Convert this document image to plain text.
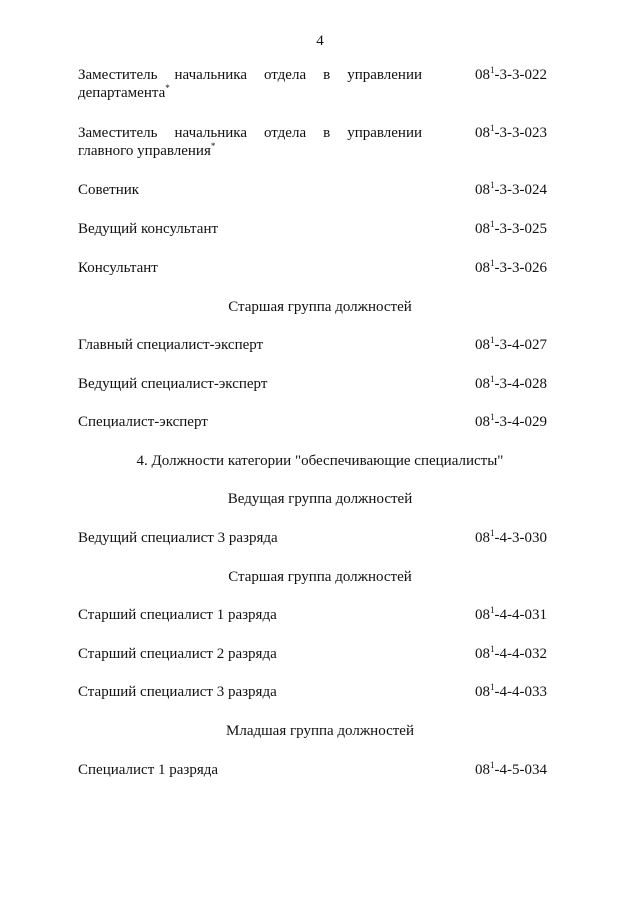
4
Заместитель начальника отдела в управлении
департамента*
$08^1-3-3-022$
Заместитель начальника отдела в управлении
главного управления*
$08^1-3-3-023$
Советник	$08^1-3-3-024$
Ведущий консультант	$08^1-3-3-025$
Консультант	$08^1-3-3-026$
Старшая группа должностей
Главный специалист-эксперт	$08^1-3-4-027$
Ведущий специалист-эксперт	$08^1-3-4-028$
Специалист-эксперт	$08^1-3-4-029$
4. Должности категории "обеспечивающие специалисты"
Ведущая группа должностей
Ведущий специалист 3 разряда	$08^1-4-3-030$
Старшая группа должностей
Старший специалист 1 разряда	$08^1-4-4-031$
Старший специалист 2 разряда	$08^1-4-4-032$
Старший специалист 3 разряда	$08^1-4-4-033$
Младшая группа должностей
Специалист 1 разряда	$08^1-4-5-034$
